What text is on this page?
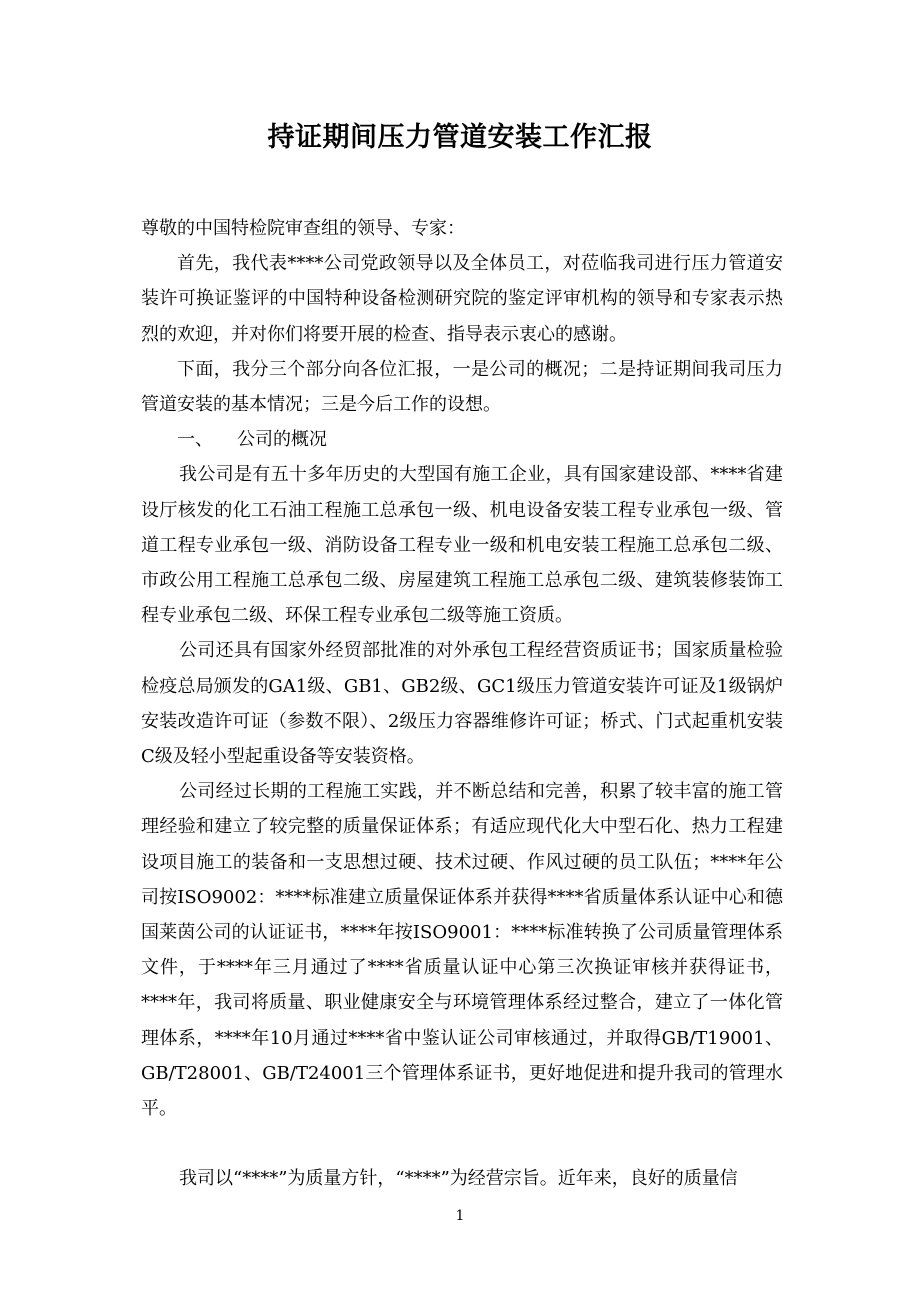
持证期间压力管道安装工作汇报

尊敬的中国特检院审查组的领导、专家：

首先，我代表****公司党政领导以及全体员工，对莅临我司进行压力管道安装许可换证鉴评的中国特种设备检测研究院的鉴定评审机构的领导和专家表示热烈的欢迎，并对你们将要开展的检查、指导表示衷心的感谢。

下面，我分三个部分向各位汇报，一是公司的概况；二是持证期间我司压力管道安装的基本情况；三是今后工作的设想。

一、 公司的概况

我公司是有五十多年历史的大型国有施工企业，具有国家建设部、****省建设厅核发的化工石油工程施工总承包一级、机电设备安装工程专业承包一级、管道工程专业承包一级、消防设备工程专业一级和机电安装工程施工总承包二级、市政公用工程施工总承包二级、房屋建筑工程施工总承包二级、建筑装修装饰工程专业承包二级、环保工程专业承包二级等施工资质。

公司还具有国家外经贸部批准的对外承包工程经营资质证书；国家质量检验检疫总局颁发的GA1级、GB1、GB2级、GC1级压力管道安装许可证及1级锅炉安装改造许可证（参数不限）、2级压力容器维修许可证；桥式、门式起重机安装C级及轻小型起重设备等安装资格。

公司经过长期的工程施工实践，并不断总结和完善，积累了较丰富的施工管理经验和建立了较完整的质量保证体系；有适应现代化大中型石化、热力工程建设项目施工的装备和一支思想过硬、技术过硬、作风过硬的员工队伍；****年公司按ISO9002：****标准建立质量保证体系并获得****省质量体系认证中心和德国莱茵公司的认证证书，****年按ISO9001：****标准转换了公司质量管理体系文件，于****年三月通过了****省质量认证中心第三次换证审核并获得证书，****年，我司将质量、职业健康安全与环境管理体系经过整合，建立了一体化管理体系，****年10月通过****省中鉴认证公司审核通过，并取得GB/T19001、GB/T28001、GB/T24001三个管理体系证书，更好地促进和提升我司的管理水平。

我司以“****”为质量方针，“****”为经营宗旨。近年来，良好的质量信

1
